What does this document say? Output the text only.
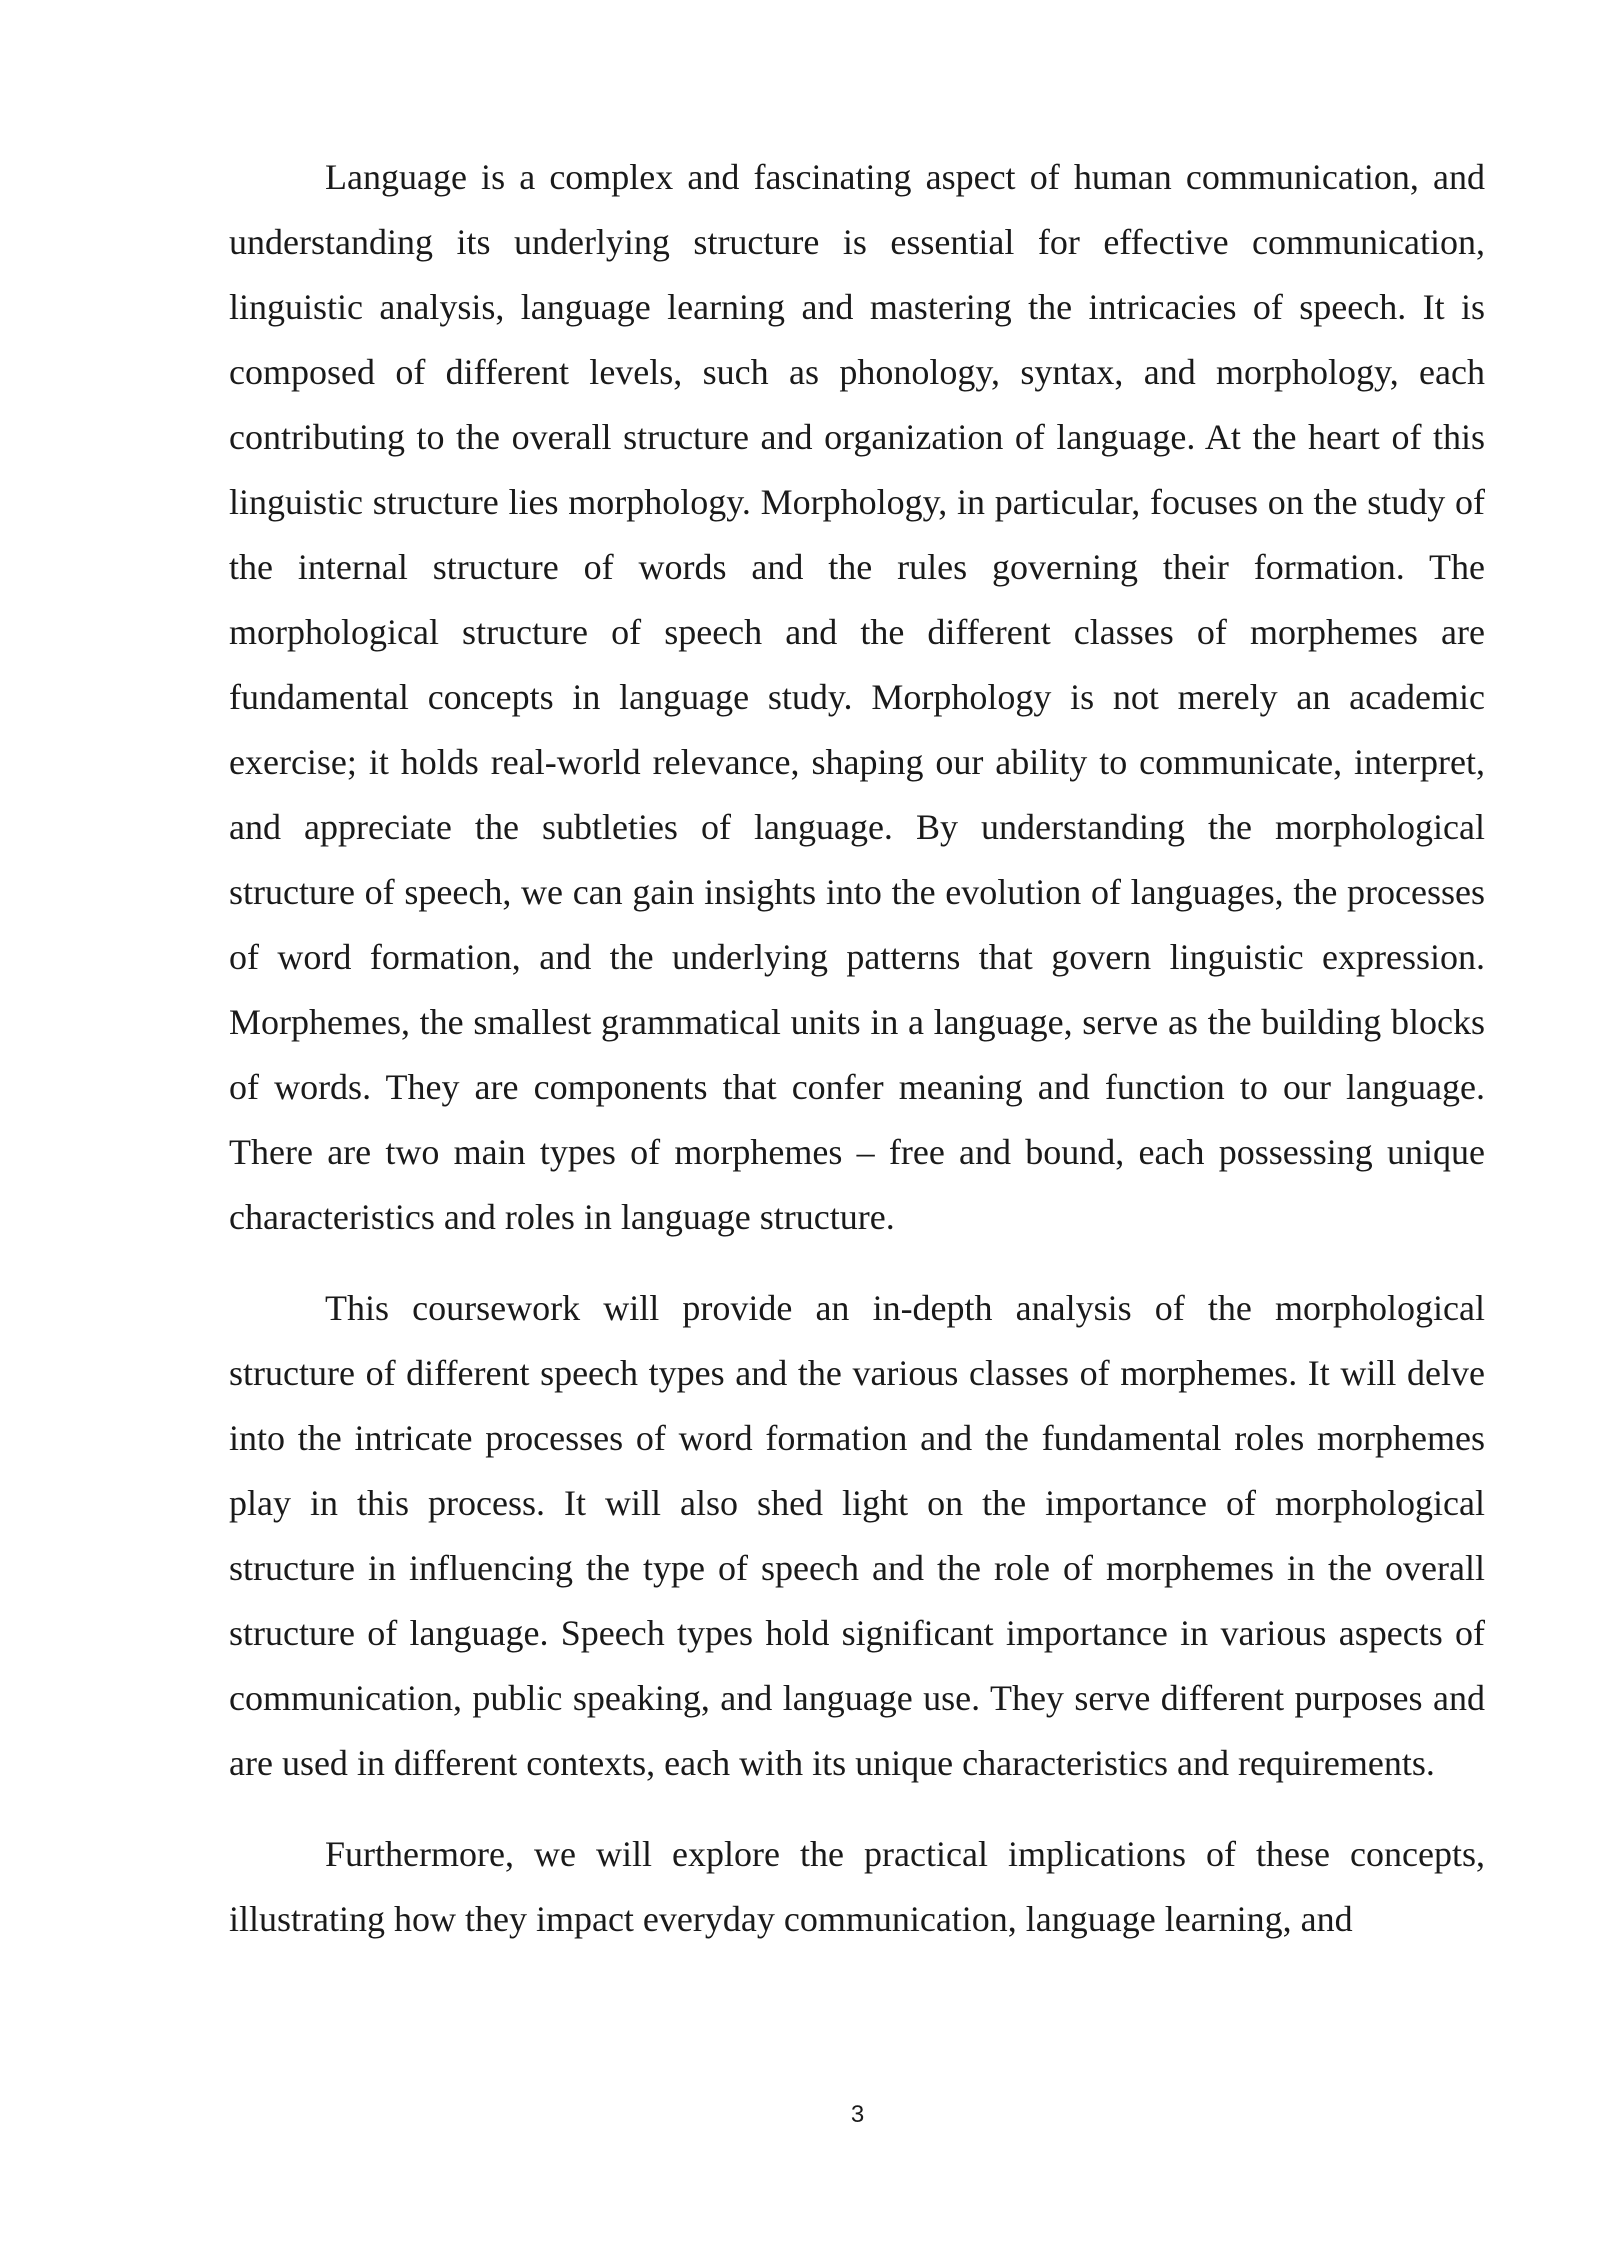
Language is a complex and fascinating aspect of human communication, and understanding its underlying structure is essential for effective communication, linguistic analysis, language learning and mastering the intricacies of speech. It is composed of different levels, such as phonology, syntax, and morphology, each contributing to the overall structure and organization of language. At the heart of this linguistic structure lies morphology. Morphology, in particular, focuses on the study of the internal structure of words and the rules governing their formation. The morphological structure of speech and the different classes of morphemes are fundamental concepts in language study. Morphology is not merely an academic exercise; it holds real-world relevance, shaping our ability to communicate, interpret, and appreciate the subtleties of language. By understanding the morphological structure of speech, we can gain insights into the evolution of languages, the processes of word formation, and the underlying patterns that govern linguistic expression. Morphemes, the smallest grammatical units in a language, serve as the building blocks of words. They are components that confer meaning and function to our language. There are two main types of morphemes – free and bound, each possessing unique characteristics and roles in language structure.

This coursework will provide an in-depth analysis of the morphological structure of different speech types and the various classes of morphemes. It will delve into the intricate processes of word formation and the fundamental roles morphemes play in this process. It will also shed light on the importance of morphological structure in influencing the type of speech and the role of morphemes in the overall structure of language. Speech types hold significant importance in various aspects of communication, public speaking, and language use. They serve different purposes and are used in different contexts, each with its unique characteristics and requirements.

Furthermore, we will explore the practical implications of these concepts, illustrating how they impact everyday communication, language learning, and

3
